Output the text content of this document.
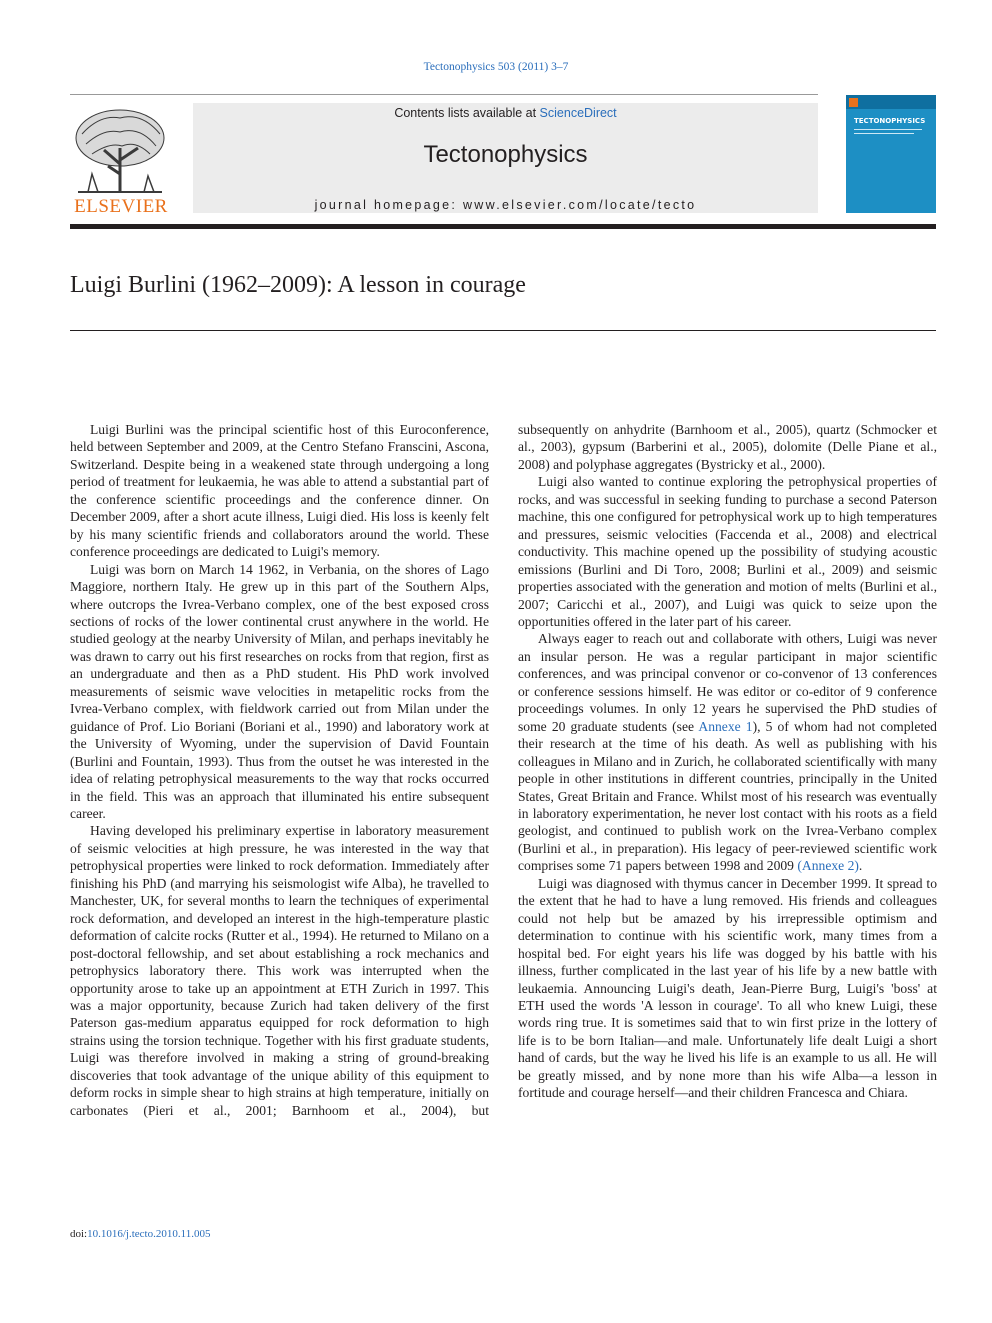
Tectonophysics 503 (2011) 3–7
ELSEVIER
Contents lists available at ScienceDirect
Tectonophysics
journal homepage: www.elsevier.com/locate/tecto
TECTONOPHYSICS
Luigi Burlini (1962–2009): A lesson in courage

Luigi Burlini was the principal scientific host of this Euroconference, held between September and 2009, at the Centro Stefano Franscini, Ascona, Switzerland. Despite being in a weakened state through undergoing a long period of treatment for leukaemia, he was able to attend a substantial part of the conference scientific proceedings and the conference dinner. On December 2009, after a short acute illness, Luigi died. His loss is keenly felt by his many scientific friends and collaborators around the world. These conference proceedings are dedicated to Luigi's memory.

Luigi was born on March 14 1962, in Verbania, on the shores of Lago Maggiore, northern Italy. He grew up in this part of the Southern Alps, where outcrops the Ivrea-Verbano complex, one of the best exposed cross sections of rocks of the lower continental crust anywhere in the world. He studied geology at the nearby University of Milan, and perhaps inevitably he was drawn to carry out his first researches on rocks from that region, first as an undergraduate and then as a PhD student. His PhD work involved measurements of seismic wave velocities in metapelitic rocks from the Ivrea-Verbano complex, with fieldwork carried out from Milan under the guidance of Prof. Lio Boriani (Boriani et al., 1990) and laboratory work at the University of Wyoming, under the supervision of David Fountain (Burlini and Fountain, 1993). Thus from the outset he was interested in the idea of relating petrophysical measurements to the way that rocks occurred in the field. This was an approach that illuminated his entire subsequent career.

Having developed his preliminary expertise in laboratory measurement of seismic velocities at high pressure, he was interested in the way that petrophysical properties were linked to rock deformation. Immediately after finishing his PhD (and marrying his seismologist wife Alba), he travelled to Manchester, UK, for several months to learn the techniques of experimental rock deformation, and developed an interest in the high-temperature plastic deformation of calcite rocks (Rutter et al., 1994). He returned to Milano on a post-doctoral fellowship, and set about establishing a rock mechanics and petrophysics laboratory there. This work was interrupted when the opportunity arose to take up an appointment at ETH Zurich in 1997. This was a major opportunity, because Zurich had taken delivery of the first Paterson gas-medium apparatus equipped for rock deformation to high strains using the torsion technique. Together with his first graduate students, Luigi was therefore involved in making a string of ground-breaking discoveries that took advantage of the unique ability of this equipment to deform rocks in simple shear to high strains at high temperature, initially on carbonates (Pieri et al., 2001; Barnhoom et al., 2004), but

subsequently on anhydrite (Barnhoom et al., 2005), quartz (Schmocker et al., 2003), gypsum (Barberini et al., 2005), dolomite (Delle Piane et al., 2008) and polyphase aggregates (Bystricky et al., 2000).

Luigi also wanted to continue exploring the petrophysical properties of rocks, and was successful in seeking funding to purchase a second Paterson machine, this one configured for petrophysical work up to high temperatures and pressures, seismic velocities (Faccenda et al., 2008) and electrical conductivity. This machine opened up the possibility of studying acoustic emissions (Burlini and Di Toro, 2008; Burlini et al., 2009) and seismic properties associated with the generation and motion of melts (Burlini et al., 2007; Caricchi et al., 2007), and Luigi was quick to seize upon the opportunities offered in the later part of his career.

Always eager to reach out and collaborate with others, Luigi was never an insular person. He was a regular participant in major scientific conferences, and was principal convenor or co-convenor of 13 conferences or conference sessions himself. He was editor or co-editor of 9 conference proceedings volumes. In only 12 years he supervised the PhD studies of some 20 graduate students (see Annexe 1), 5 of whom had not completed their research at the time of his death. As well as publishing with his colleagues in Milano and in Zurich, he collaborated scientifically with many people in other institutions in different countries, principally in the United States, Great Britain and France. Whilst most of his research was eventually in laboratory experimentation, he never lost contact with his roots as a field geologist, and continued to publish work on the Ivrea-Verbano complex (Burlini et al., in preparation). His legacy of peer-reviewed scientific work comprises some 71 papers between 1998 and 2009 (Annexe 2).

Luigi was diagnosed with thymus cancer in December 1999. It spread to the extent that he had to have a lung removed. His friends and colleagues could not help but be amazed by his irrepressible optimism and determination to continue with his scientific work, many times from a hospital bed. For eight years his life was dogged by his battle with his illness, further complicated in the last year of his life by a new battle with leukaemia. Announcing Luigi's death, Jean-Pierre Burg, Luigi's 'boss' at ETH used the words 'A lesson in courage'. To all who knew Luigi, these words ring true. It is sometimes said that to win first prize in the lottery of life is to be born Italian—and male. Unfortunately life dealt Luigi a short hand of cards, but the way he lived his life is an example to us all. He will be greatly missed, and by none more than his wife Alba—a lesson in fortitude and courage herself—and their children Francesca and Chiara.

doi:10.1016/j.tecto.2010.11.005
